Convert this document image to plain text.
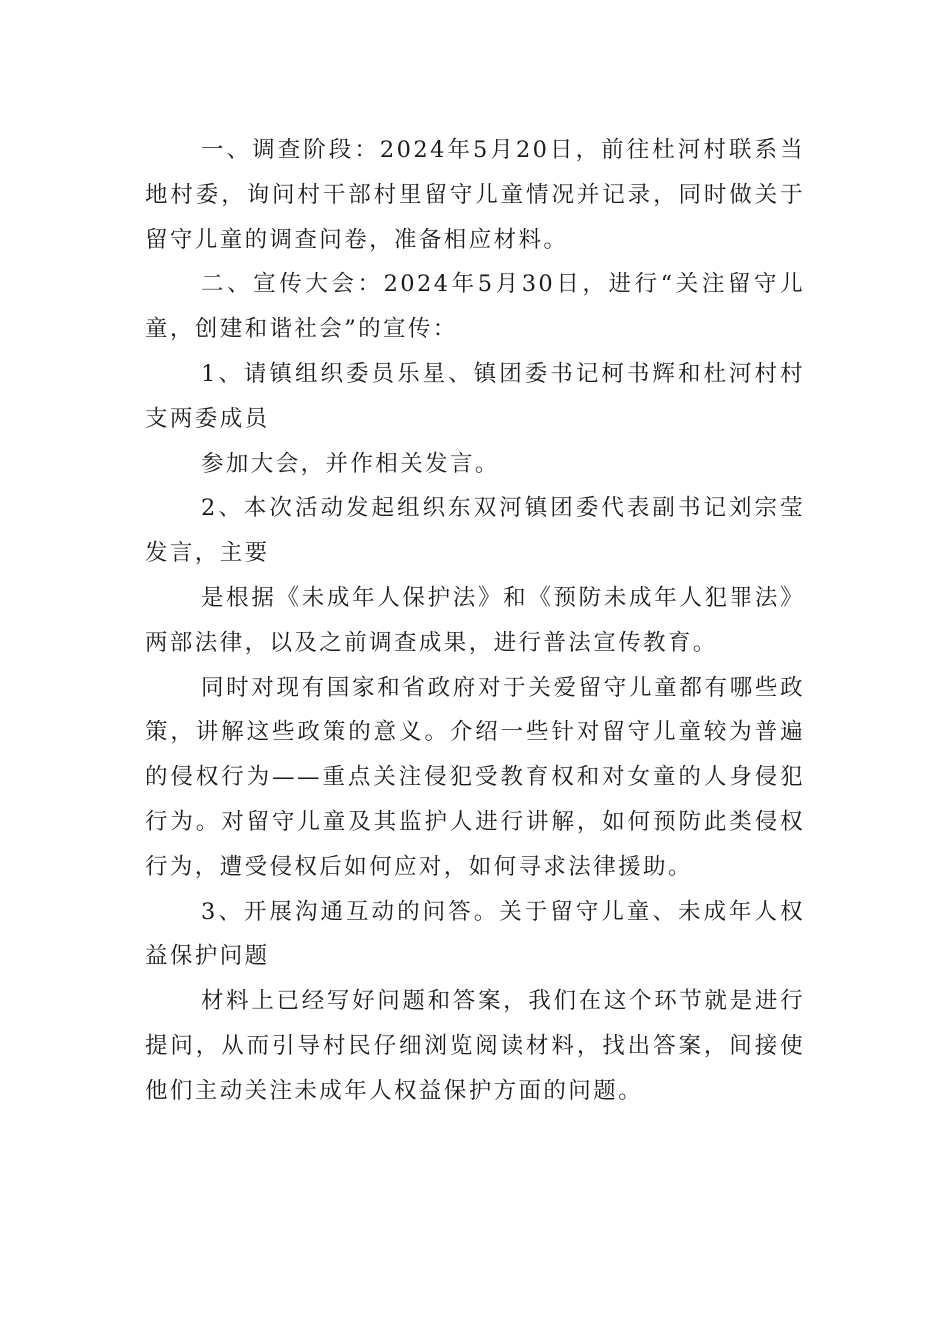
一、调查阶段：2024年5月20日，前往杜河村联系当地村委，询问村干部村里留守儿童情况并记录，同时做关于留守儿童的调查问卷，准备相应材料。

二、宣传大会：2024年5月30日，进行“关注留守儿童，创建和谐社会”的宣传：

1、请镇组织委员乐星、镇团委书记柯书辉和杜河村村支两委成员

参加大会，并作相关发言。

2、本次活动发起组织东双河镇团委代表副书记刘宗莹发言，主要

是根据《未成年人保护法》和《预防未成年人犯罪法》两部法律，以及之前调查成果，进行普法宣传教育。

同时对现有国家和省政府对于关爱留守儿童都有哪些政策，讲解这些政策的意义。介绍一些针对留守儿童较为普遍的侵权行为——重点关注侵犯受教育权和对女童的人身侵犯行为。对留守儿童及其监护人进行讲解，如何预防此类侵权行为，遭受侵权后如何应对，如何寻求法律援助。

3、开展沟通互动的问答。关于留守儿童、未成年人权益保护问题

材料上已经写好问题和答案，我们在这个环节就是进行提问，从而引导村民仔细浏览阅读材料，找出答案，间接使他们主动关注未成年人权益保护方面的问题。
